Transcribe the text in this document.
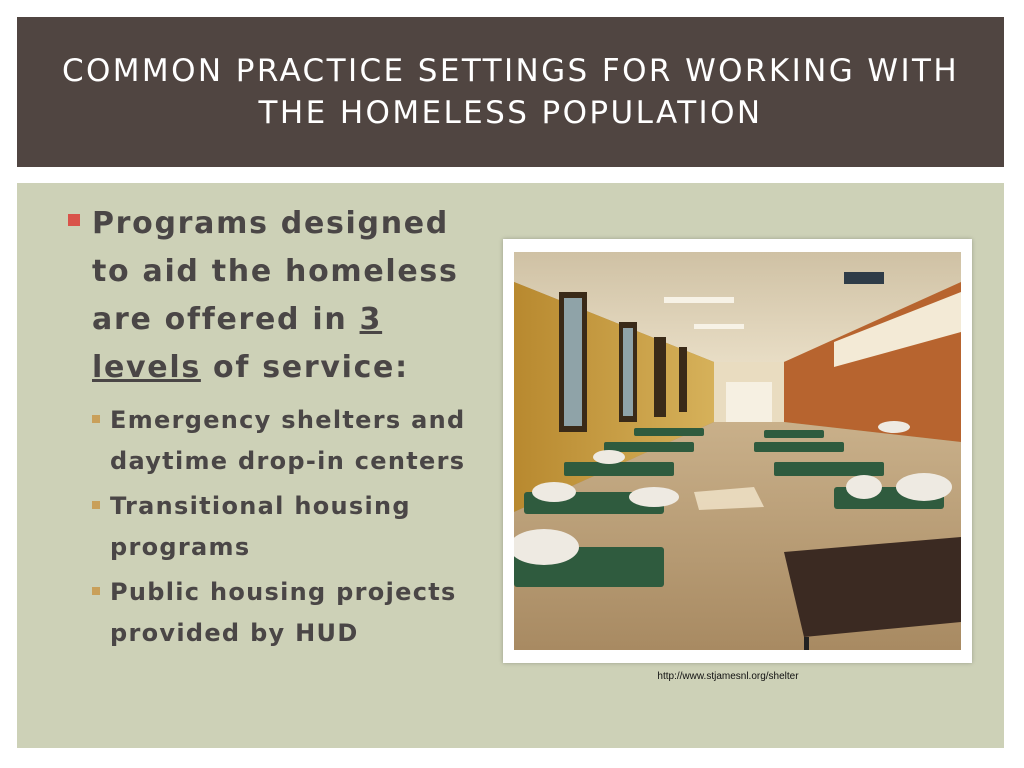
COMMON PRACTICE SETTINGS FOR WORKING WITH THE HOMELESS POPULATION
Programs designed to aid the homeless are offered in 3 levels of service:
Emergency shelters and daytime drop-in centers
Transitional housing programs
Public housing projects provided by HUD
http://www.stjamesnl.org/shelter
